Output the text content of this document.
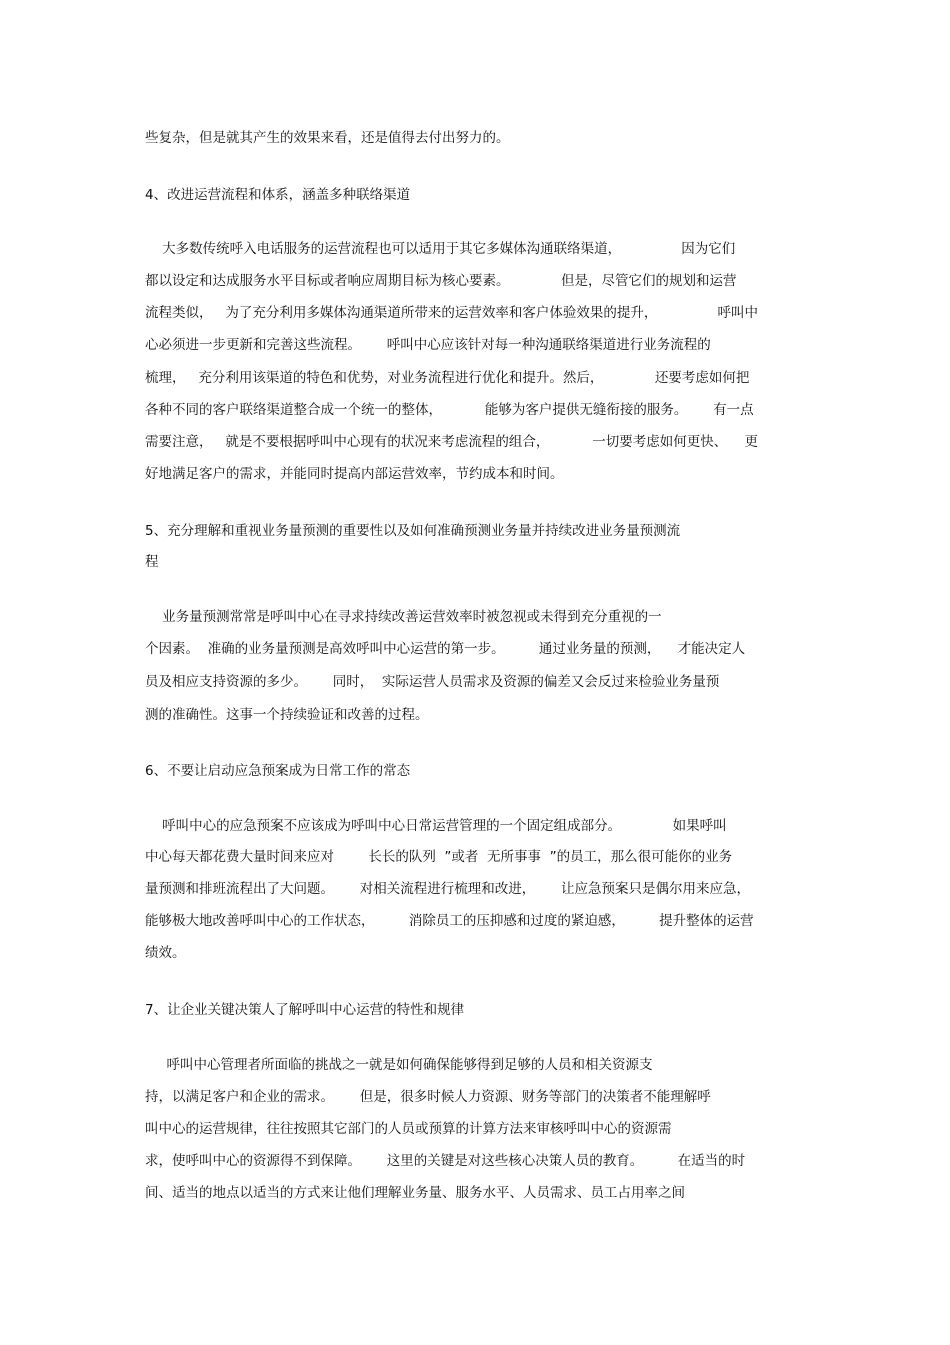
些复杂，但是就其产生的效果来看，还是值得去付出努力的。
4、改进运营流程和体系，涵盖多种联络渠道
大多数传统呼入电话服务的运营流程也可以适用于其它多媒体沟通联络渠道，              因为它们
都以设定和达成服务水平目标或者响应周期目标为核心要素。            但是，尽管它们的规划和运营
流程类似，   为了充分利用多媒体沟通渠道所带来的运营效率和客户体验效果的提升，              呼叫中
心必须进一步更新和完善这些流程。      呼叫中心应该针对每一种沟通联络渠道进行业务流程的
梳理，   充分利用该渠道的特色和优势，对业务流程进行优化和提升。然后，            还要考虑如何把
各种不同的客户联络渠道整合成一个统一的整体，          能够为客户提供无缝衔接的服务。      有一点
需要注意，   就是不要根据呼叫中心现有的状况来考虑流程的组合，          一切要考虑如何更快、    更
好地满足客户的需求，并能同时提高内部运营效率，节约成本和时间。
5、充分理解和重视业务量预测的重要性以及如何准确预测业务量并持续改进业务量预测流
程
业务量预测常常是呼叫中心在寻求持续改善运营效率时被忽视或未得到充分重视的一
个因素。  准确的业务量预测是高效呼叫中心运营的第一步。        通过业务量的预测，    才能决定人
员及相应支持资源的多少。      同时，  实际运营人员需求及资源的偏差又会反过来检验业务量预
测的准确性。这事一个持续验证和改善的过程。
6、不要让启动应急预案成为日常工作的常态
呼叫中心的应急预案不应该成为呼叫中心日常运营管理的一个固定组成部分。            如果呼叫
中心每天都花费大量时间来应对        长长的队列  ”或者  无所事事  ”的员工，那么很可能你的业务
量预测和排班流程出了大问题。      对相关流程进行梳理和改进，      让应急预案只是偶尔用来应急，
能够极大地改善呼叫中心的工作状态，        消除员工的压抑感和过度的紧迫感，        提升整体的运营
绩效。
7、让企业关键决策人了解呼叫中心运营的特性和规律
呼叫中心管理者所面临的挑战之一就是如何确保能够得到足够的人员和相关资源支
持，以满足客户和企业的需求。      但是，很多时候人力资源、财务等部门的决策者不能理解呼
叫中心的运营规律，往往按照其它部门的人员或预算的计算方法来审核呼叫中心的资源需
求，使呼叫中心的资源得不到保障。      这里的关键是对这些核心决策人员的教育。        在适当的时
间、适当的地点以适当的方式来让他们理解业务量、服务水平、人员需求、员工占用率之间
